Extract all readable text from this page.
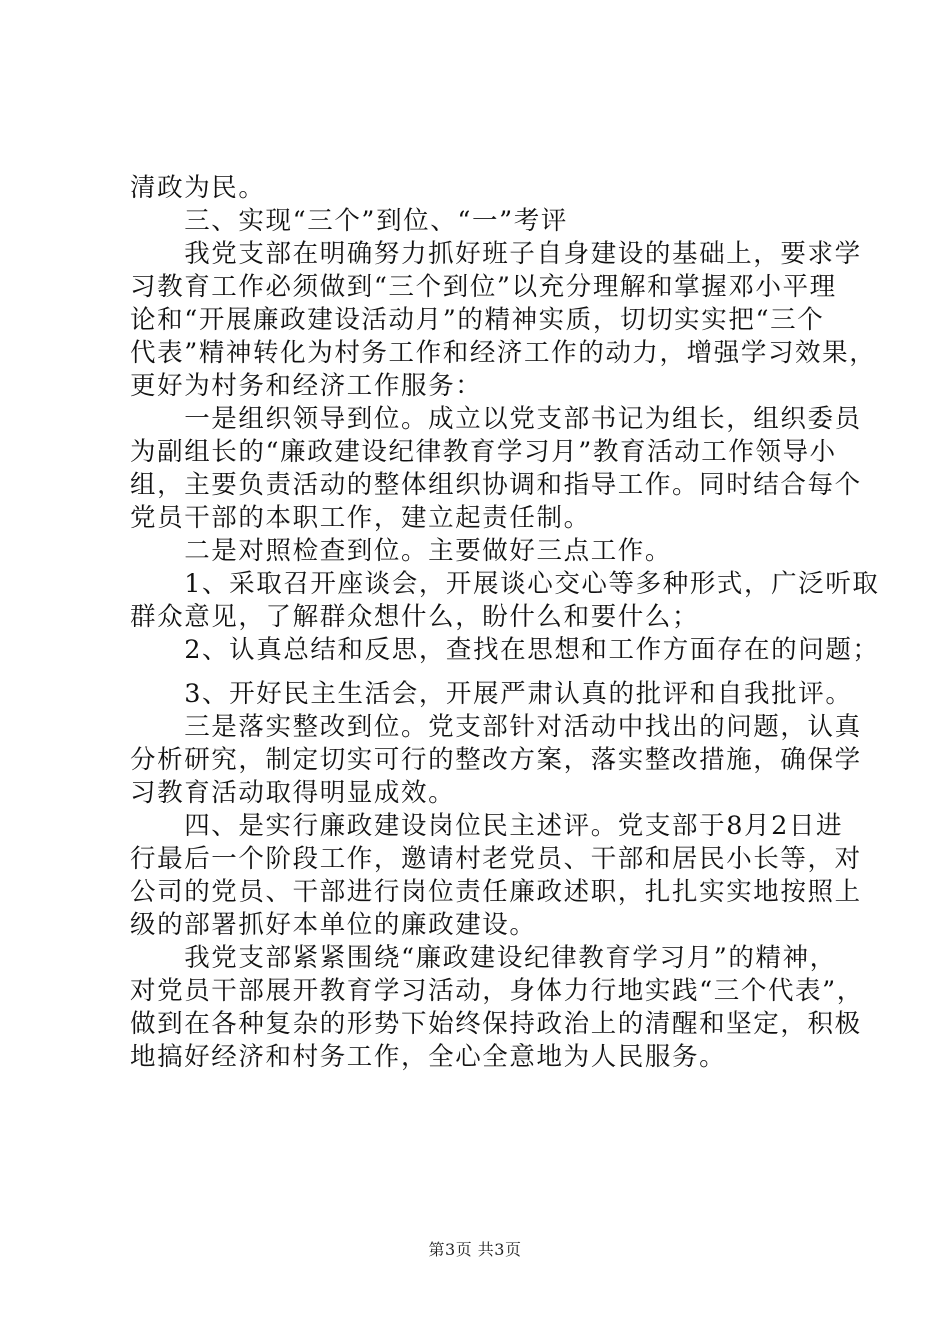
清政为民。
　　三、实现“三个”到位、“一”考评
　　我党支部在明确努力抓好班子自身建设的基础上，要求学
习教育工作必须做到“三个到位”以充分理解和掌握邓小平理
论和“开展廉政建设活动月”的精神实质，切切实实把“三个
代表”精神转化为村务工作和经济工作的动力，增强学习效果，
更好为村务和经济工作服务：
　　一是组织领导到位。成立以党支部书记为组长，组织委员
为副组长的“廉政建设纪律教育学习月”教育活动工作领导小
组，主要负责活动的整体组织协调和指导工作。同时结合每个
党员干部的本职工作，建立起责任制。
　　二是对照检查到位。主要做好三点工作。
　　1、采取召开座谈会，开展谈心交心等多种形式，广泛听取
群众意见，了解群众想什么，盼什么和要什么；
　　2、认真总结和反思，查找在思想和工作方面存在的问题；
　　3、开好民主生活会，开展严肃认真的批评和自我批评。
　　三是落实整改到位。党支部针对活动中找出的问题，认真
分析研究，制定切实可行的整改方案，落实整改措施，确保学
习教育活动取得明显成效。
　　四、是实行廉政建设岗位民主述评。党支部于8月2日进
行最后一个阶段工作，邀请村老党员、干部和居民小长等，对
公司的党员、干部进行岗位责任廉政述职，扎扎实实地按照上
级的部署抓好本单位的廉政建设。
　　我党支部紧紧围绕“廉政建设纪律教育学习月”的精神，
对党员干部展开教育学习活动，身体力行地实践“三个代表”，
做到在各种复杂的形势下始终保持政治上的清醒和坚定，积极
地搞好经济和村务工作，全心全意地为人民服务。
第3页 共3页
